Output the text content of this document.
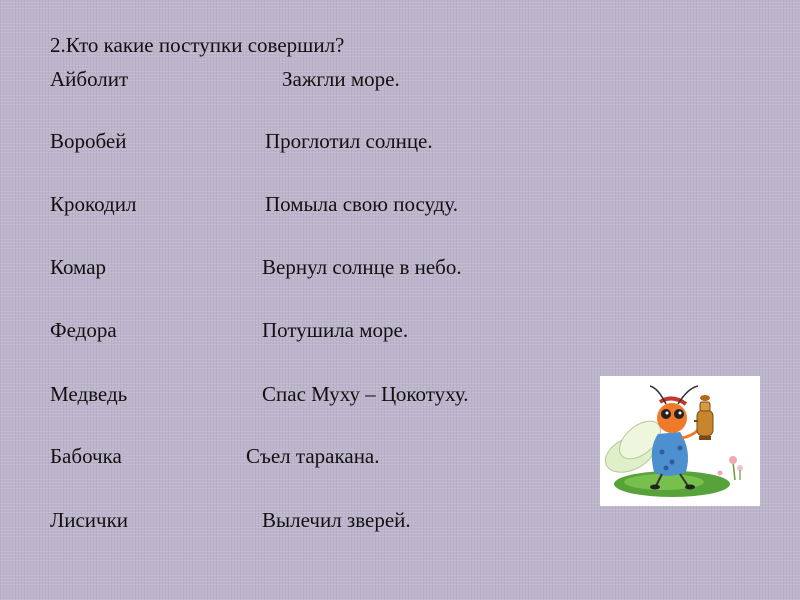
2.Кто какие поступки совершил?
Айболит	Зажгли море.
Воробей	Проглотил солнце.
Крокодил	Помыла свою посуду.
Комар	Вернул солнце в небо.
Федора	Потушила море.
Медведь	Спас Муху – Цокотуху.
Бабочка	Съел таракана.
Лисички	Вылечил зверей.
